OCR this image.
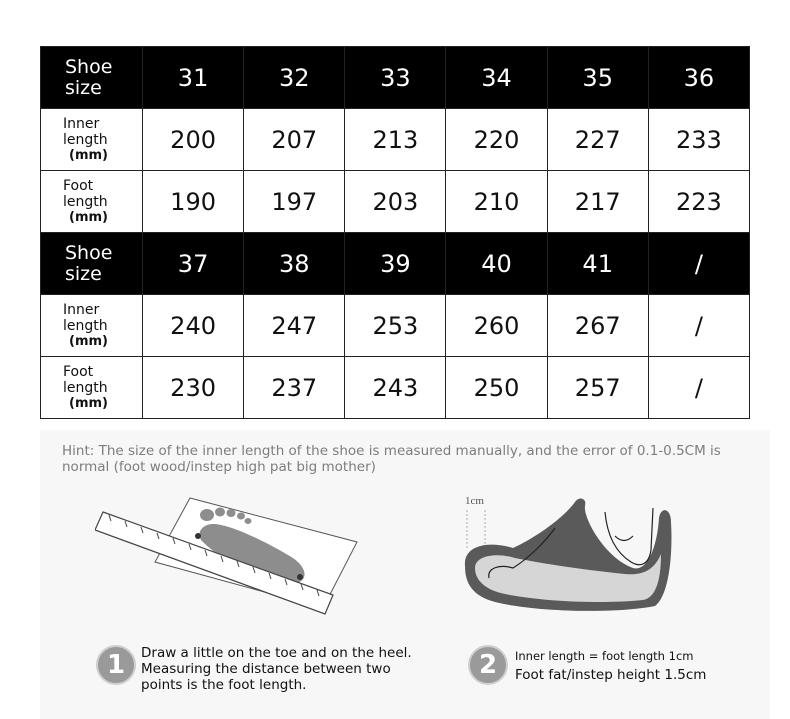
Shoe
size	31	32	33	34	35	36

Inner
length
(mm)	200	207	213	220	227	233

Foot
length
(mm)	190	197	203	210	217	223

Shoe
size	37	38	39	40	41	/

Inner
length
(mm)	240	247	253	260	267	/

Foot
length
(mm)	230	237	243	250	257	/
Hint: The size of the inner length of the shoe is measured manually, and the error of 0.1-0.5CM is normal (foot wood/instep high pat big mother)
1cm
1	Draw a little on the toe and on the heel.
Measuring the distance between two
points is the foot length.
2	Inner length = foot length 1cm
Foot fat/instep height 1.5cm
